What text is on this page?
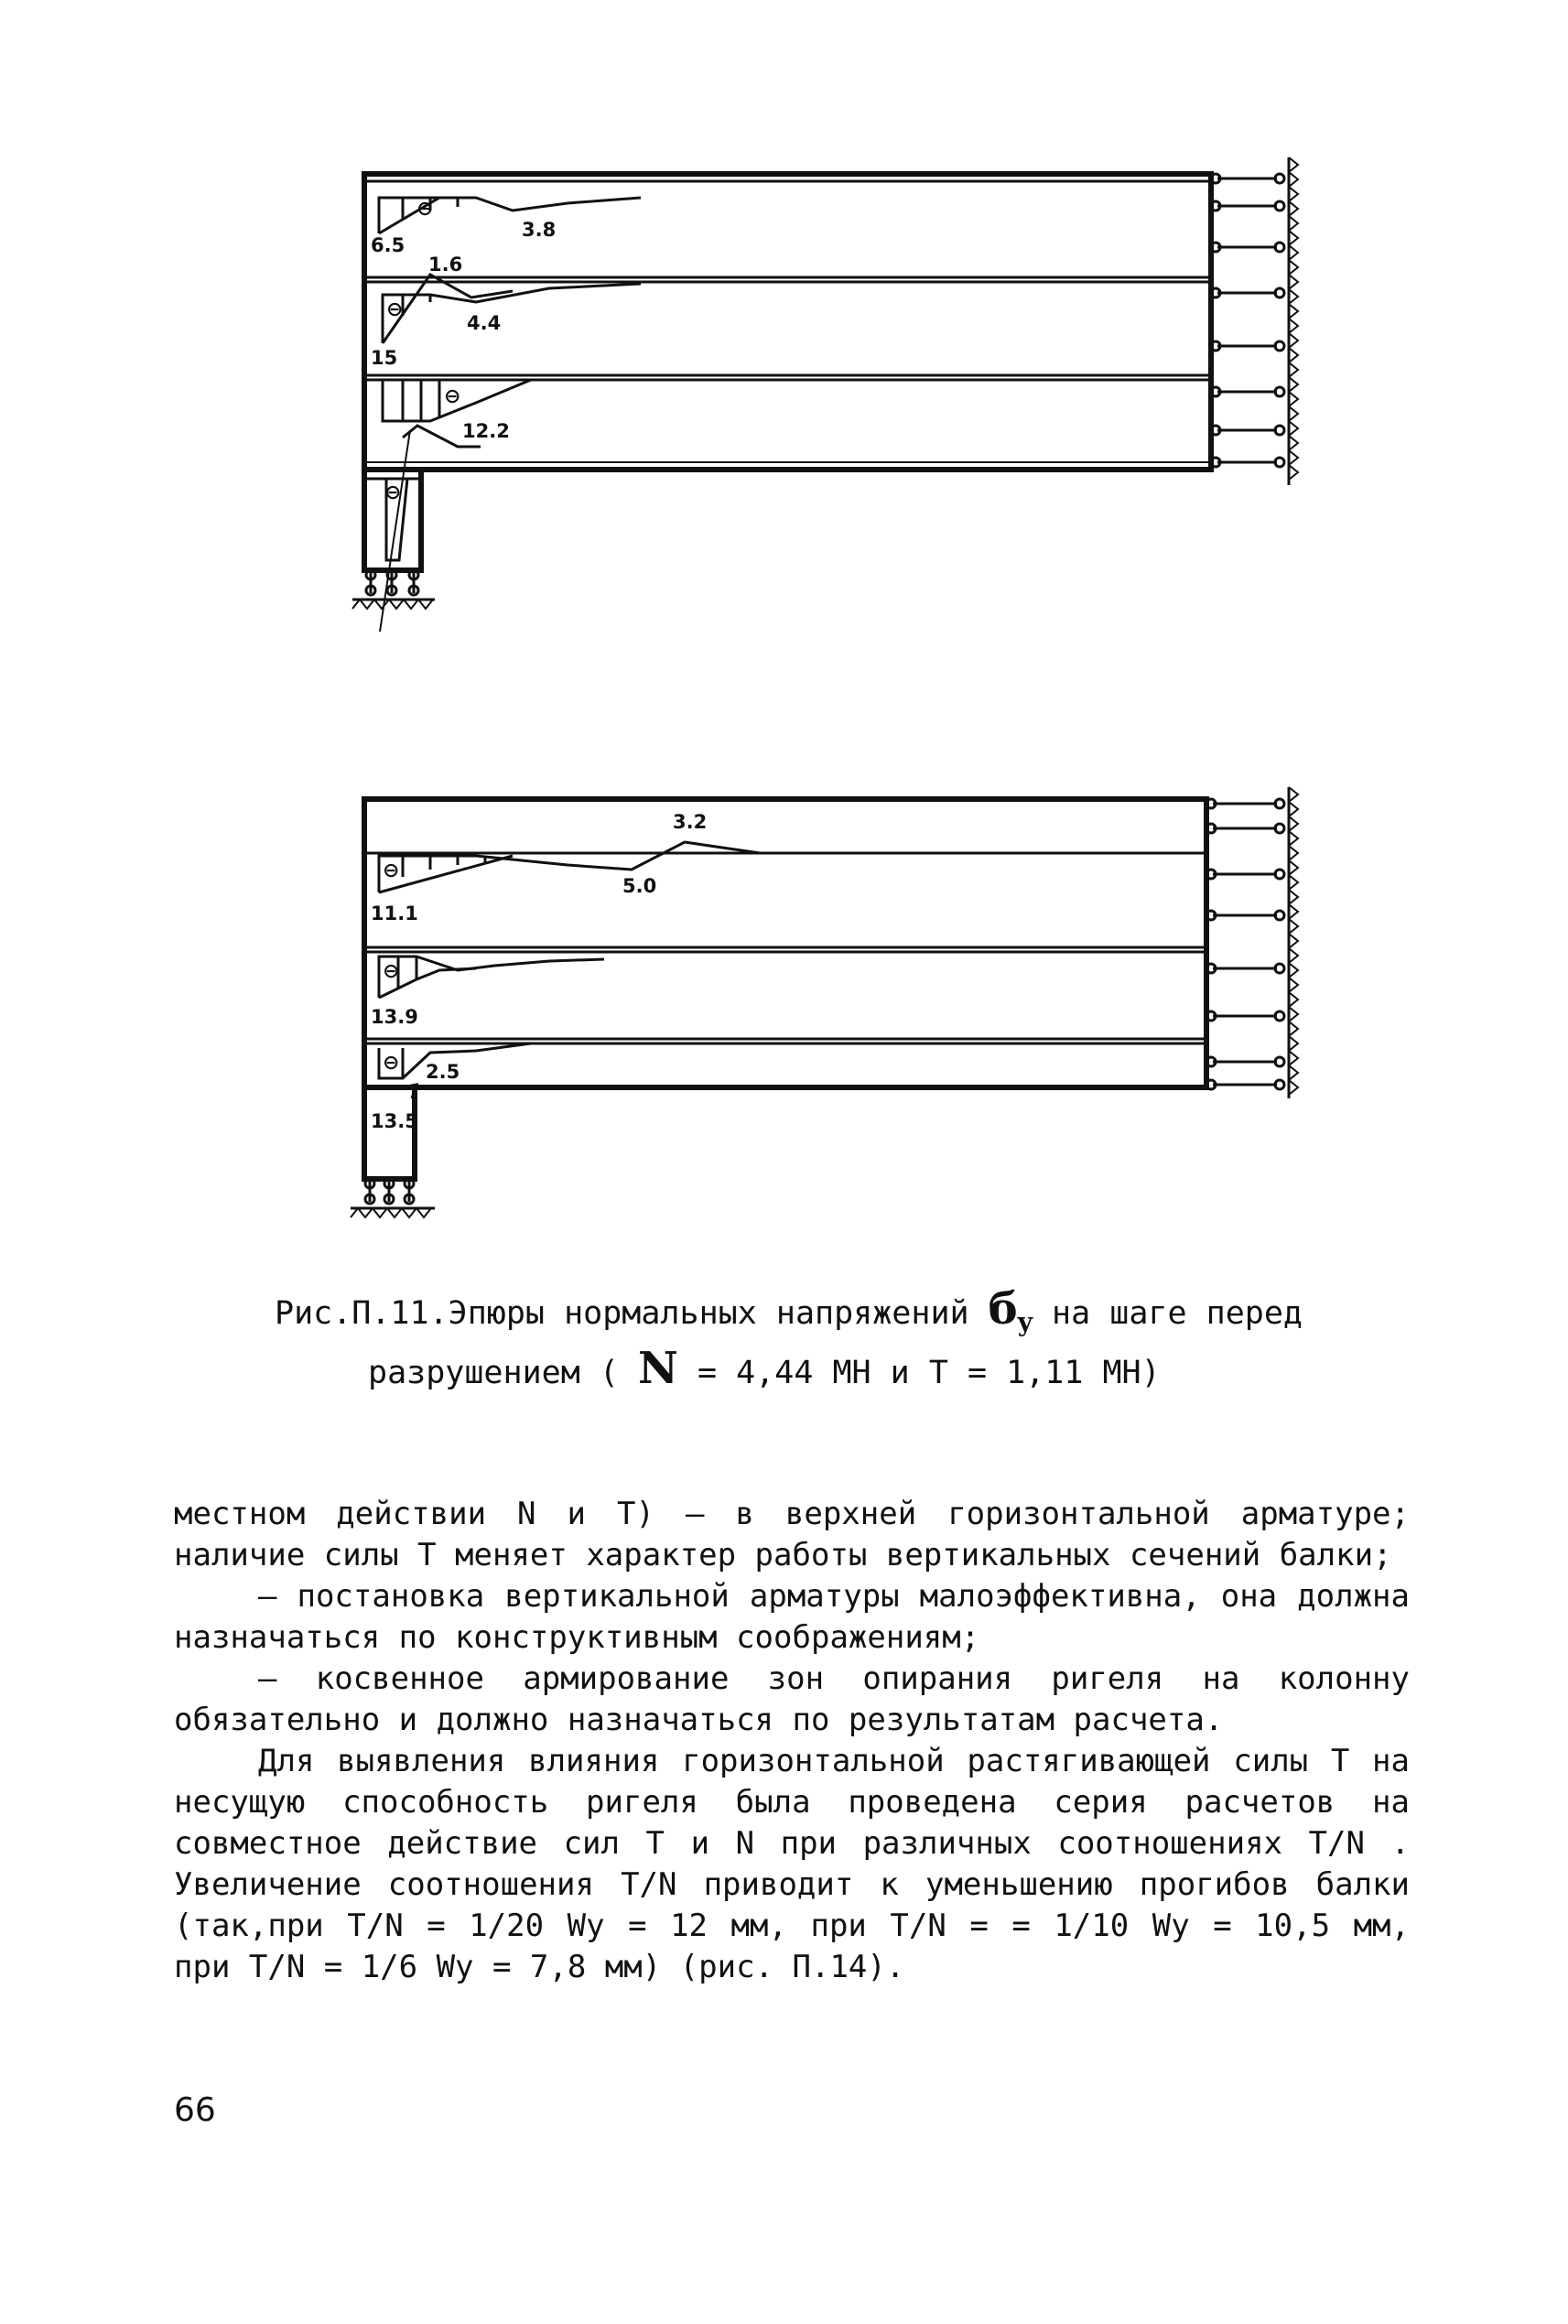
⊖
⊖
⊖
⊖
⊖
⊖
⊖
6.5
3.8
1.6
4.4
15
12.2
3.2
5.0
11.1
13.9
2.5
13.5
Рис.П.11.Эпюры нормальных напряжений $б_y$ на шаге перед
разрушением ( N = 4,44 МН и Т = 1,11 МН)

местном действии N и Т) – в верхней горизонтальной арматуре; наличие силы Т меняет характер работы вертикальных сечений балки;

– постановка вертикальной арматуры малоэффективна, она должна назначаться по конструктивным соображениям;

– косвенное армирование зон опирания ригеля на колонну обязательно и должно назначаться по результатам расчета.

Для выявления влияния горизонтальной растягивающей силы Т на несущую способность ригеля была проведена серия расчетов на совместное действие сил Т и N при различных соотношениях Т/N . Увеличение соотношения Т/N приводит к уменьшению прогибов балки (так,при Т/N = 1/20 Wy = 12 мм, при Т/N = = 1/10 Wy = 10,5 мм, при Т/N = 1/6 Wy = 7,8 мм) (рис. П.14).

66
